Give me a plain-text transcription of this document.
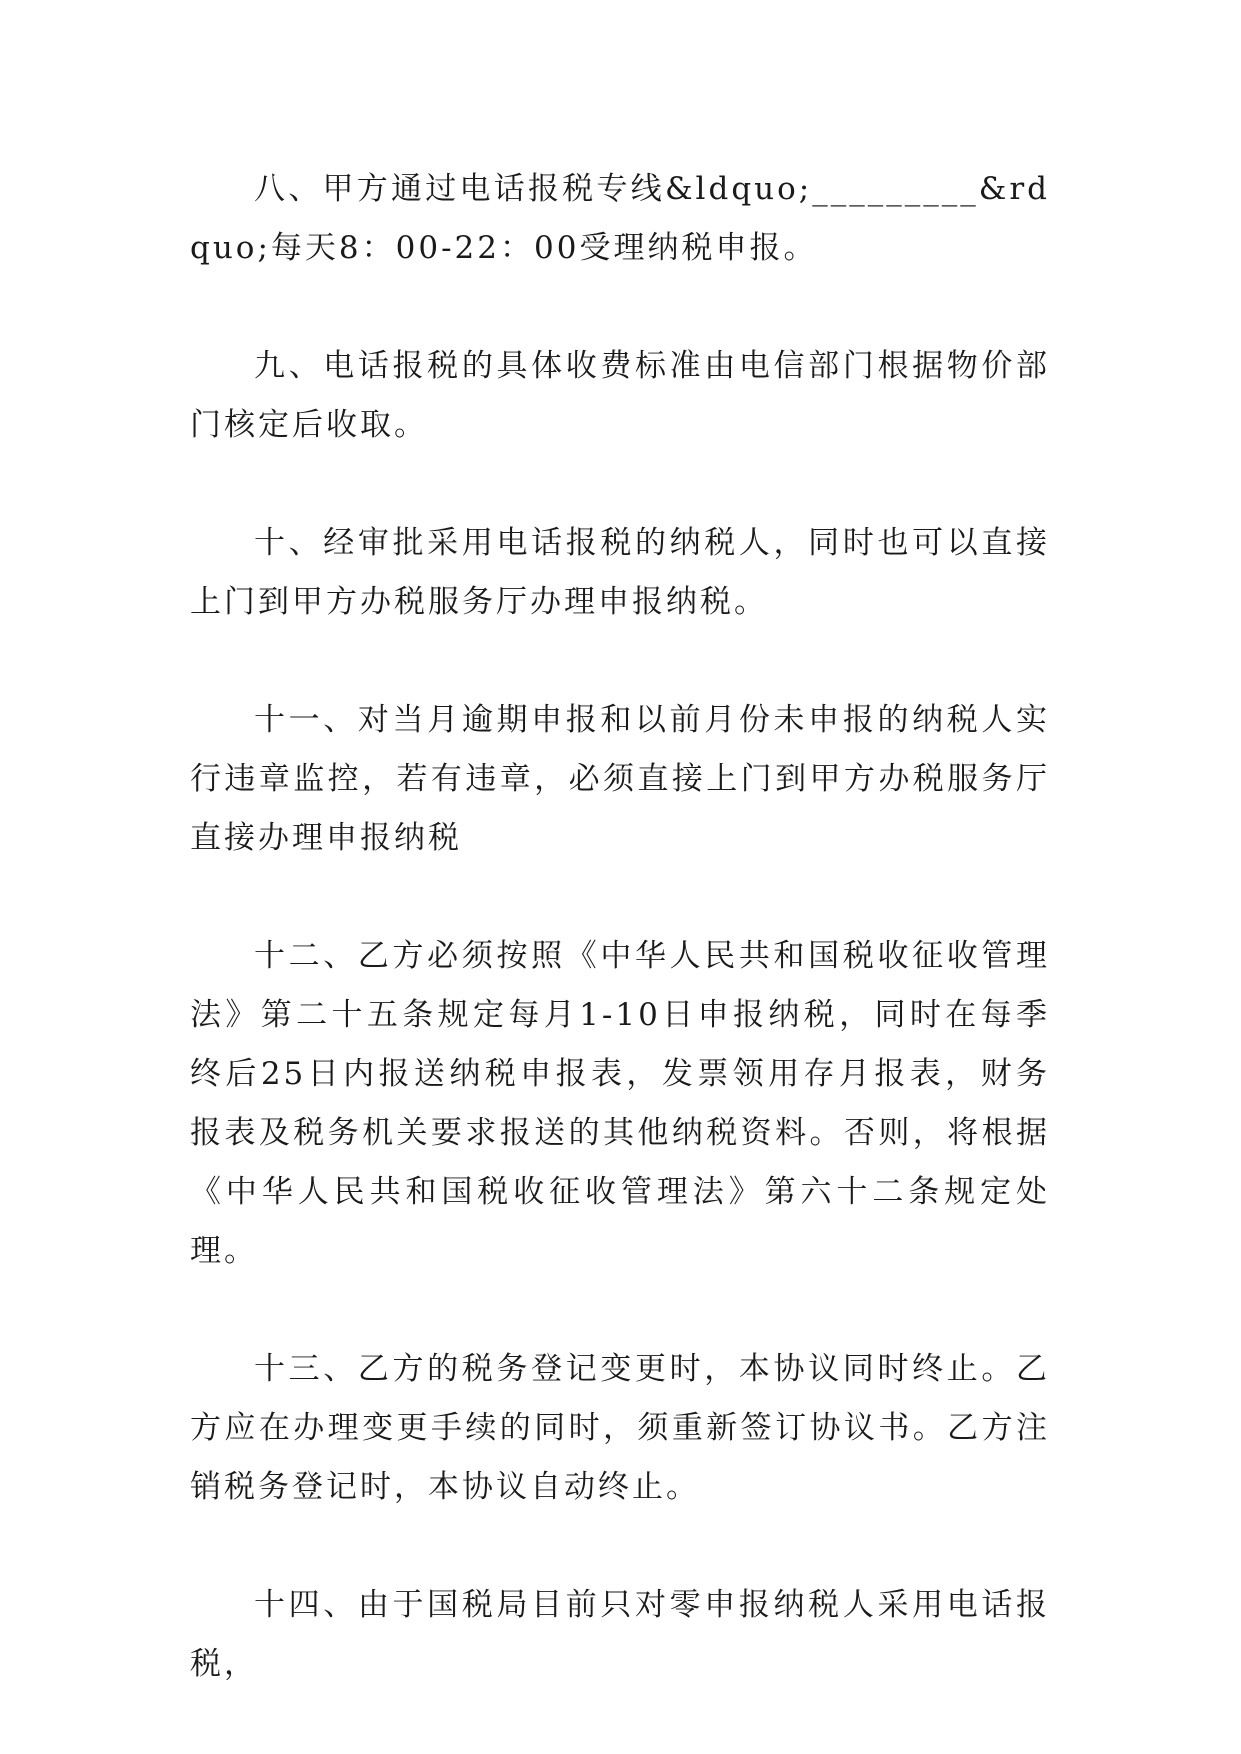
八、甲方通过电话报税专线&ldquo;_________&rdquo;每天8：00-22：00受理纳税申报。

九、电话报税的具体收费标准由电信部门根据物价部门核定后收取。

十、经审批采用电话报税的纳税人，同时也可以直接上门到甲方办税服务厅办理申报纳税。

十一、对当月逾期申报和以前月份未申报的纳税人实行违章监控，若有违章，必须直接上门到甲方办税服务厅直接办理申报纳税

十二、乙方必须按照《中华人民共和国税收征收管理法》第二十五条规定每月1-10日申报纳税，同时在每季终后25日内报送纳税申报表，发票领用存月报表，财务报表及税务机关要求报送的其他纳税资料。否则，将根据《中华人民共和国税收征收管理法》第六十二条规定处理。

十三、乙方的税务登记变更时，本协议同时终止。乙方应在办理变更手续的同时，须重新签订协议书。乙方注销税务登记时，本协议自动终止。

十四、由于国税局目前只对零申报纳税人采用电话报税，
